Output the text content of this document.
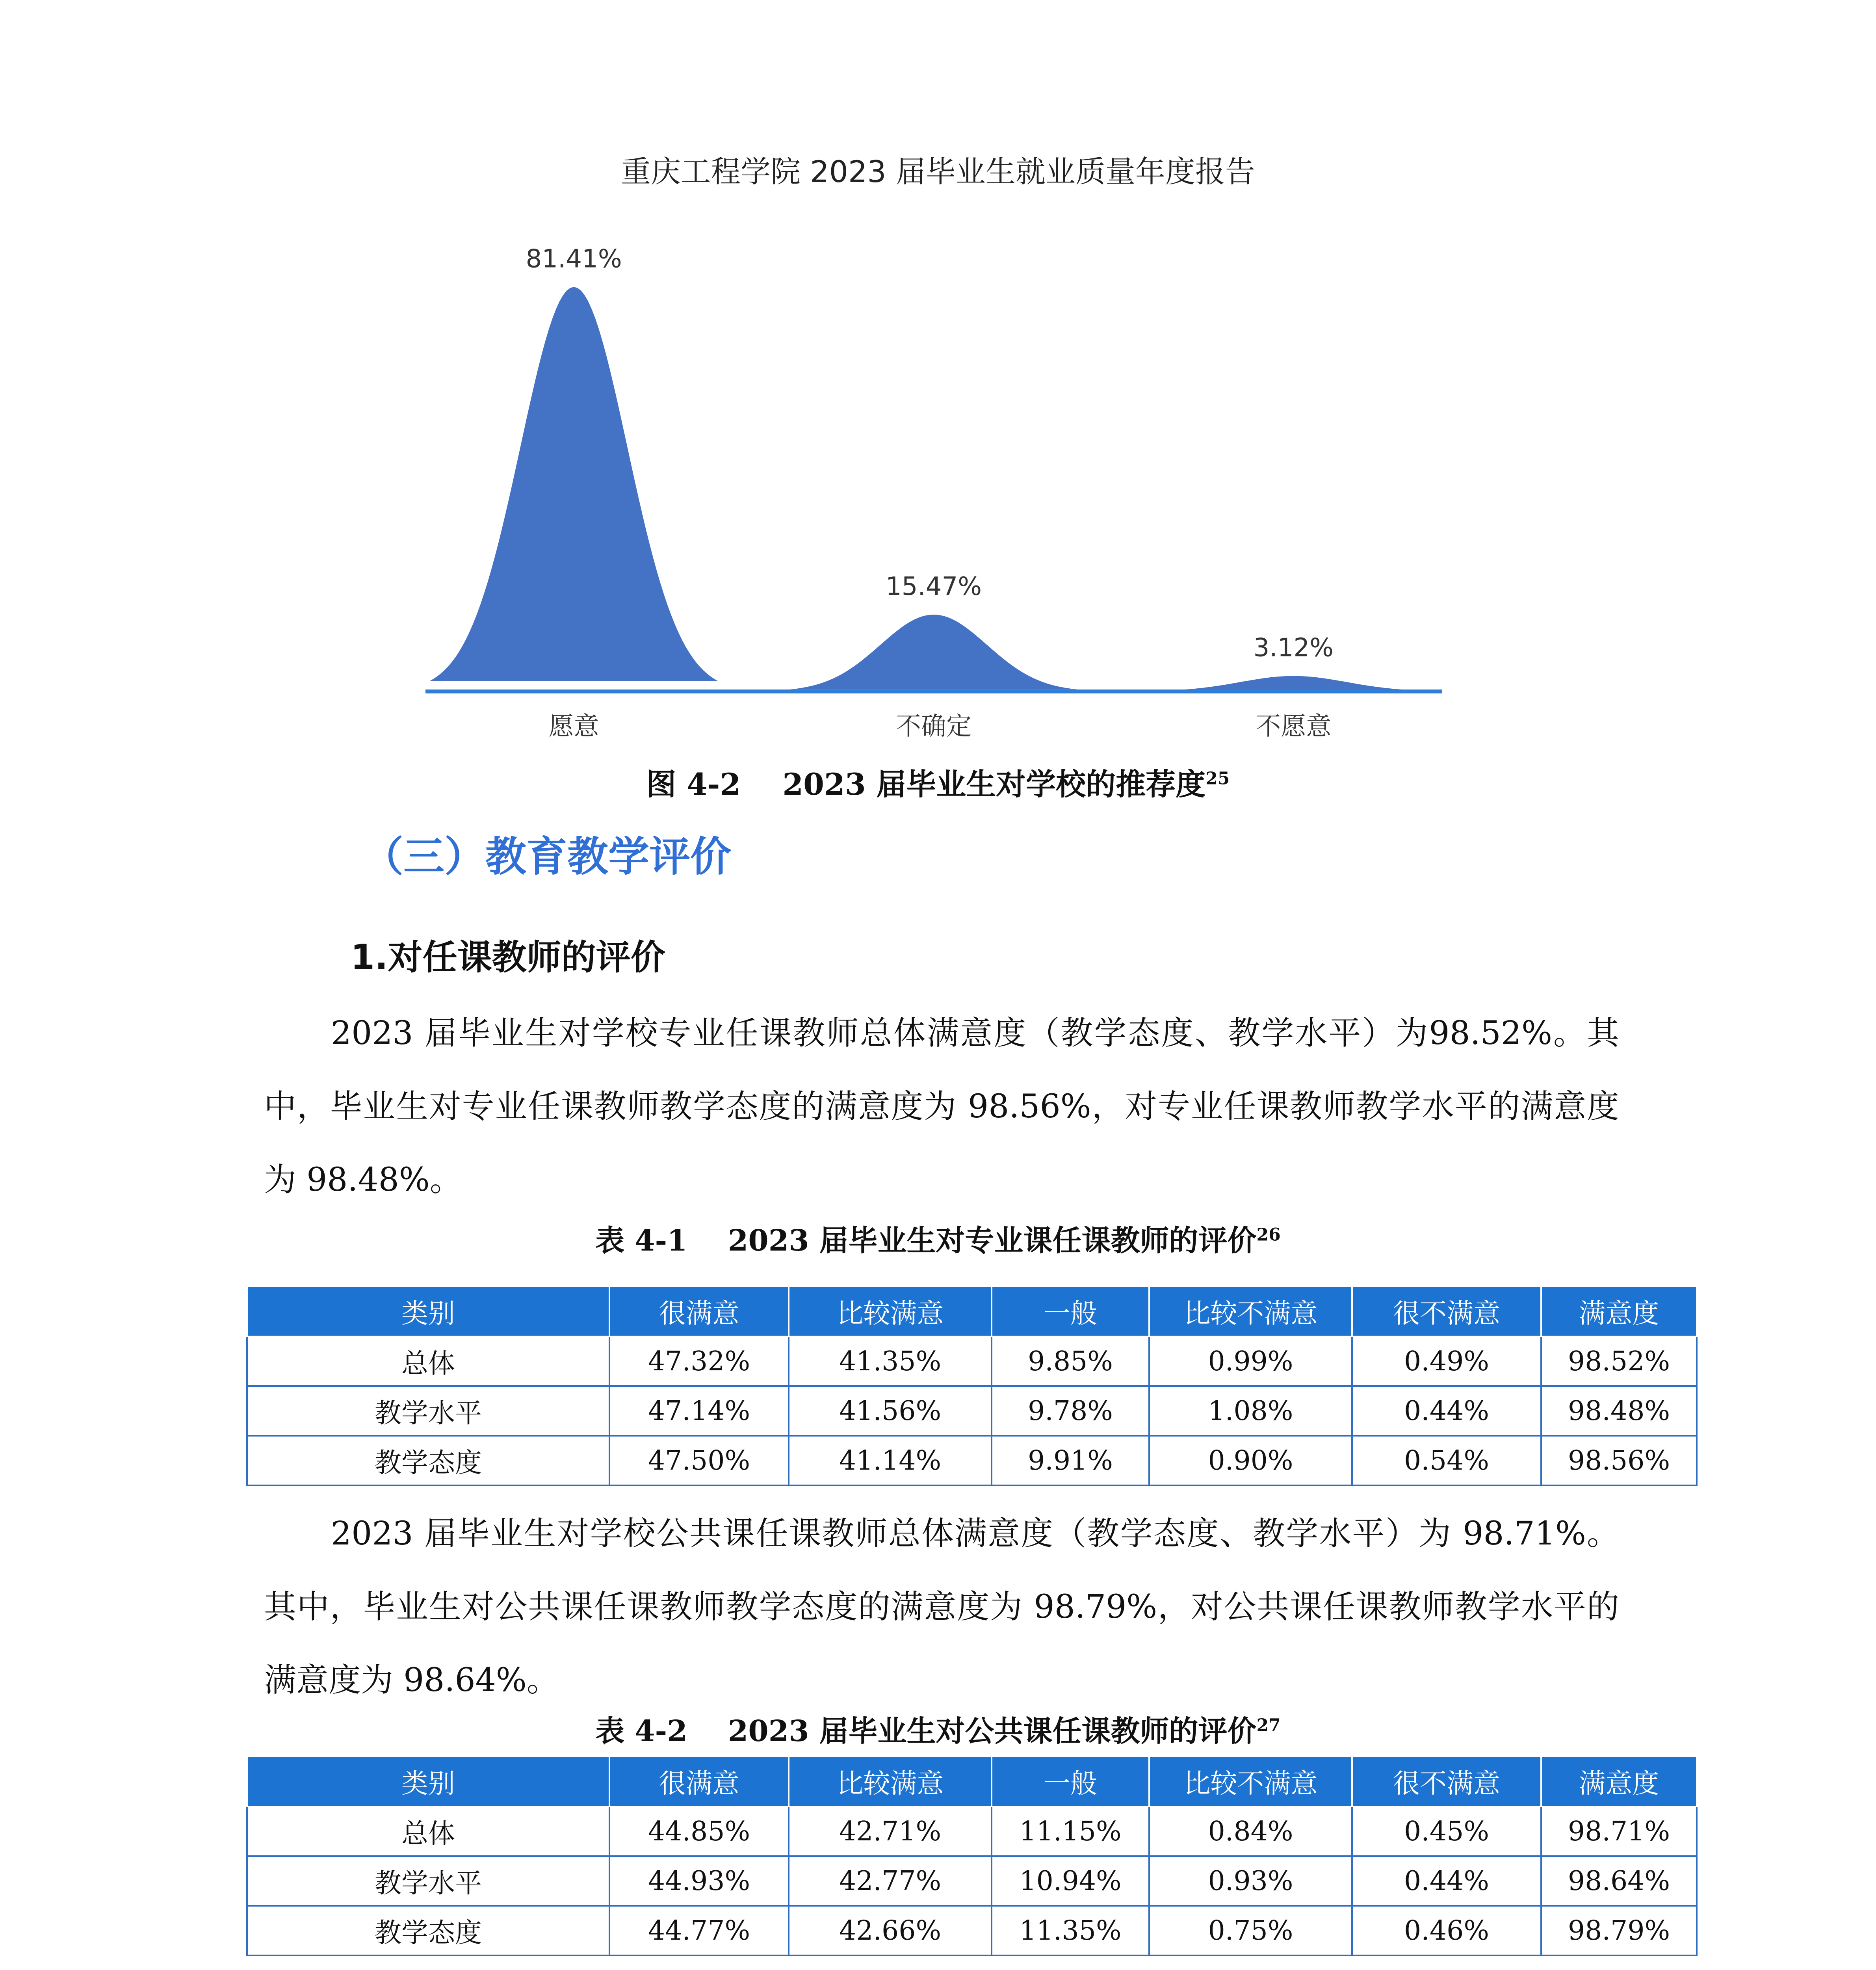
重庆工程学院 2023 届毕业生就业质量年度报告
81.41%
愿意
15.47%
不确定
3.12%
不愿意
图 4-2 2023 届毕业生对学校的推荐度$^{25}$
（三）教育教学评价
1.对任课教师的评价

2023 届毕业生对学校专业任课教师总体满意度（教学态度、教学水平）为98.52%。其中，毕业生对专业任课教师教学态度的满意度为 98.56%，对专业任课教师教学水平的满意度为 98.48%。

表 4-1 2023 届毕业生对专业课任课教师的评价$^{26}$
类别	很满意	比较满意	一般	比较不满意	很不满意	满意度
总体	47.32%	41.35%	9.85%	0.99%	0.49%	98.52%
教学水平	47.14%	41.56%	9.78%	1.08%	0.44%	98.48%
教学态度	47.50%	41.14%	9.91%	0.90%	0.54%	98.56%

2023 届毕业生对学校公共课任课教师总体满意度（教学态度、教学水平）为 98.71%。其中，毕业生对公共课任课教师教学态度的满意度为 98.79%，对公共课任课教师教学水平的满意度为 98.64%。

表 4-2 2023 届毕业生对公共课任课教师的评价$^{27}$
类别	很满意	比较满意	一般	比较不满意	很不满意	满意度
总体	44.85%	42.71%	11.15%	0.84%	0.45%	98.71%
教学水平	44.93%	42.77%	10.94%	0.93%	0.44%	98.64%
教学态度	44.77%	42.66%	11.35%	0.75%	0.46%	98.79%
